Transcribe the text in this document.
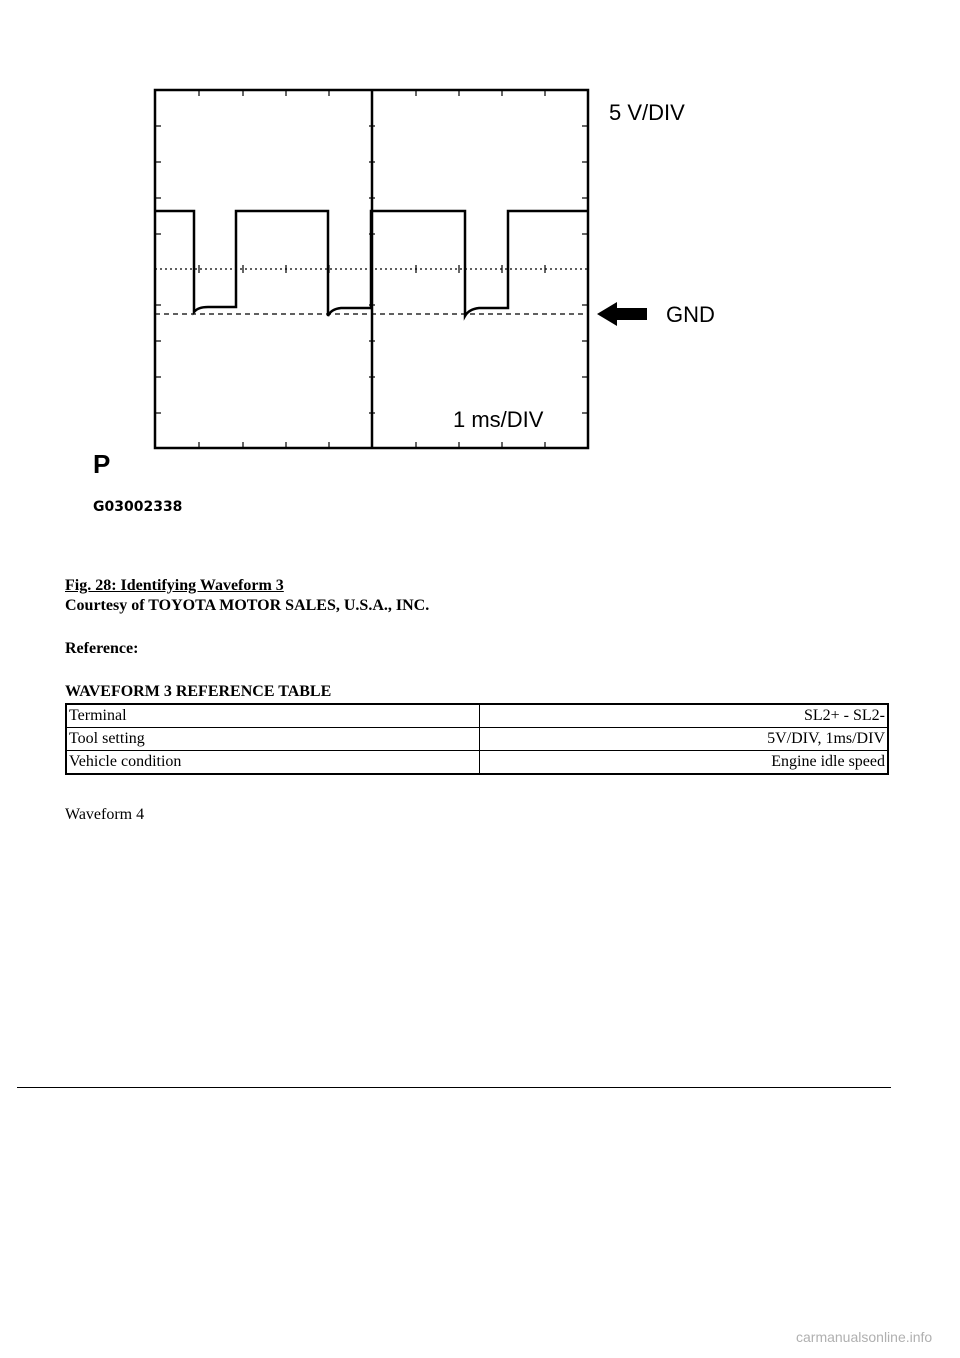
5 V/DIV
GND
1 ms/DIV
P
G03002338
Fig. 28: Identifying Waveform 3
Courtesy of TOYOTA MOTOR SALES, U.S.A., INC.
Reference:
WAVEFORM 3 REFERENCE TABLE
Terminal	SL2+ - SL2-
Tool setting	5V/DIV, 1ms/DIV
Vehicle condition	Engine idle speed
Waveform 4
carmanualsonline.info
